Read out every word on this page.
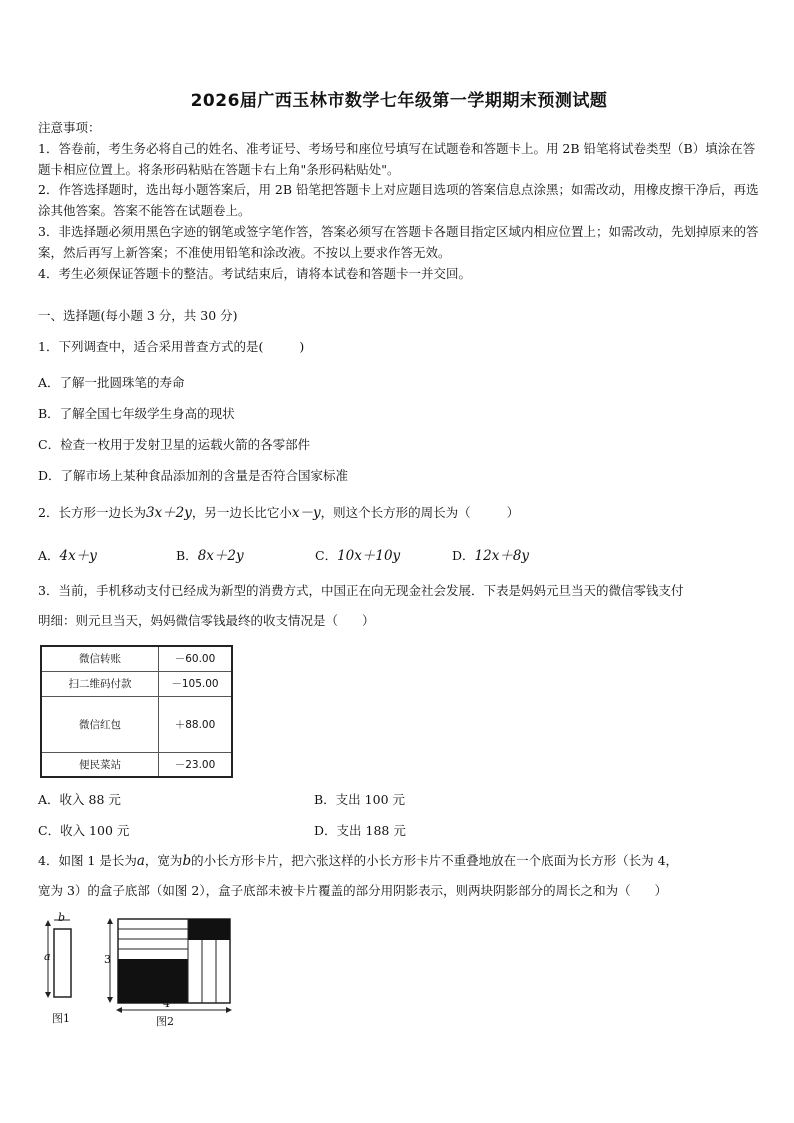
2026届广西玉林市数学七年级第一学期期末预测试题

注意事项：

1．答卷前，考生务必将自己的姓名、准考证号、考场号和座位号填写在试题卷和答题卡上。用 2B 铅笔将试卷类型（B）填涂在答题卡相应位置上。将条形码粘贴在答题卡右上角"条形码粘贴处"。

2．作答选择题时，选出每小题答案后，用 2B 铅笔把答题卡上对应题目选项的答案信息点涂黑；如需改动，用橡皮擦干净后，再选涂其他答案。答案不能答在试题卷上。

3．非选择题必须用黑色字迹的钢笔或签字笔作答，答案必须写在答题卡各题目指定区域内相应位置上；如需改动，先划掉原来的答案，然后再写上新答案；不准使用铅笔和涂改液。不按以上要求作答无效。

4．考生必须保证答题卡的整洁。考试结束后，请将本试卷和答题卡一并交回。

一、选择题(每小题 3 分，共 30 分)
1．下列调查中，适合采用普查方式的是(	)
A．了解一批圆珠笔的寿命
B．了解全国七年级学生身高的现状
C．检查一枚用于发射卫星的运载火箭的各零部件
D．了解市场上某种食品添加剂的含量是否符合国家标准
2．长方形一边长为3x＋2y，另一边长比它小x－y，则这个长方形的周长为（	）
A．4x＋y	B．8x＋2y	C．10x＋10y	D．12x＋8y
3．当前，手机移动支付已经成为新型的消费方式，中国正在向无现金社会发展．下表是妈妈元旦当天的微信零钱支付
明细：则元旦当天，妈妈微信零钱最终的收支情况是（ ）
微信转账	－60.00
扫二维码付款	－105.00
微信红包	＋88.00
便民菜站	－23.00
A．收入 88 元	B．支出 100 元
C．收入 100 元	D．支出 188 元
4．如图 1 是长为a，宽为b的小长方形卡片，把六张这样的小长方形卡片不重叠地放在一个底面为长方形（长为 4，
宽为 3）的盒子底部（如图 2），盒子底部未被卡片覆盖的部分用阴影表示，则两块阴影部分的周长之和为（ ）
a
b
图1
3
4
图2
